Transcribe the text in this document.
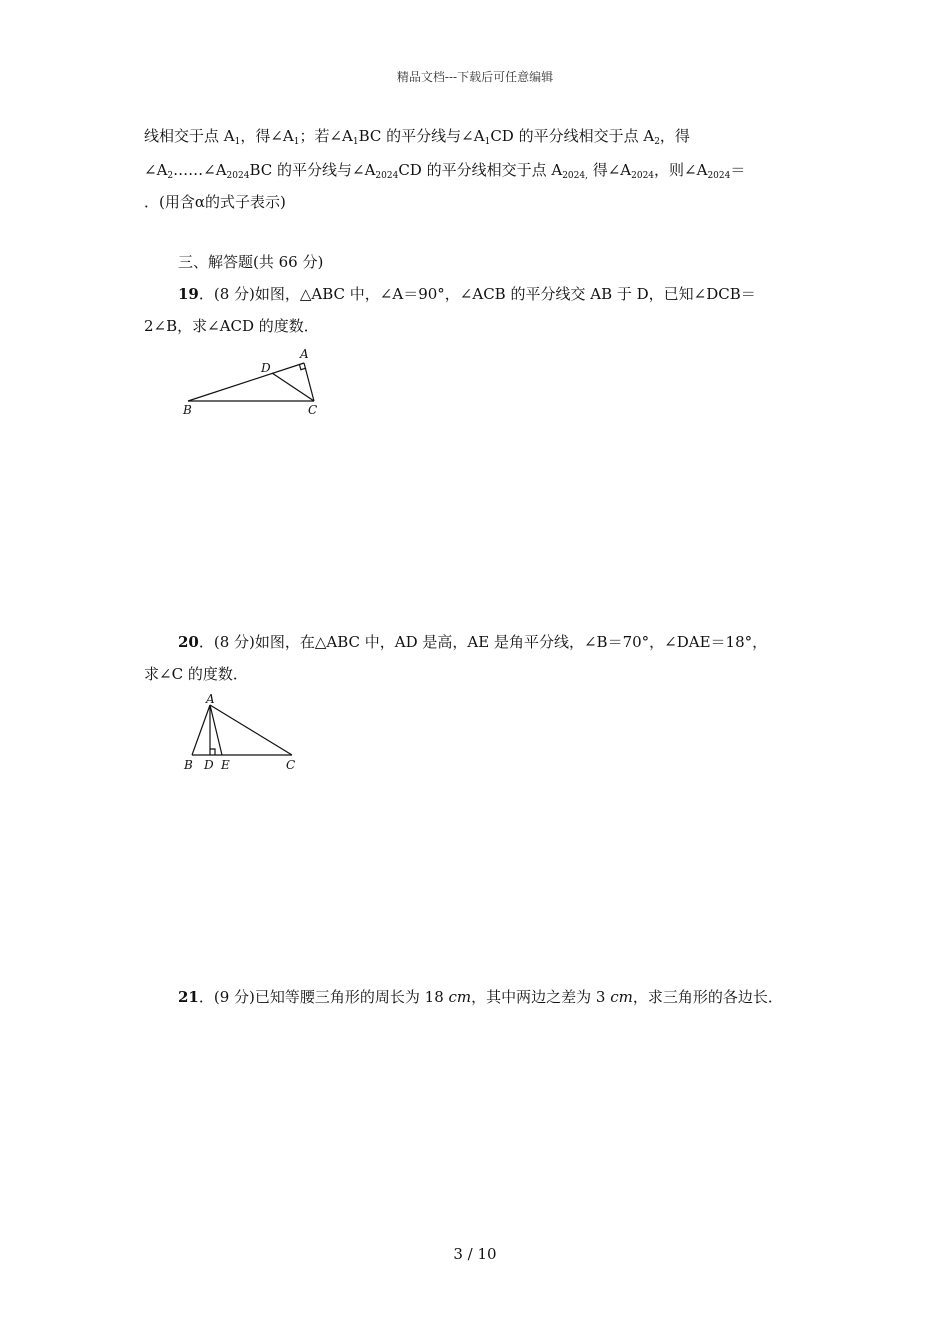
精品文档---下载后可任意编辑
线相交于点 $A_1$，得$\angle A_1$；若$\angle A_1BC$ 的平分线与$\angle A_1CD$ 的平分线相交于点 $A_2$，得
$\angle A_2\dots\dots\angle A_{2024}BC$ 的平分线与$\angle A_{2024}CD$ 的平分线相交于点 $A_{2024,}$ 得$\angle A_{2024}$，则$\angle A_{2024}=$
．(用含α的式子表示)
三、解答题(共 66 分)
19．(8 分)如图，△ABC 中，∠A＝90°，∠ACB 的平分线交 AB 于 D，已知∠DCB＝
2∠B，求∠ACD 的度数．
A
D
B	C
20．(8 分)如图，在△ABC 中，AD 是高，AE 是角平分线，∠B＝70°，∠DAE＝18°，
求∠C 的度数．
A
B D E	C
21．(9 分)已知等腰三角形的周长为 18 cm，其中两边之差为 3 cm，求三角形的各边长．
3 / 10
